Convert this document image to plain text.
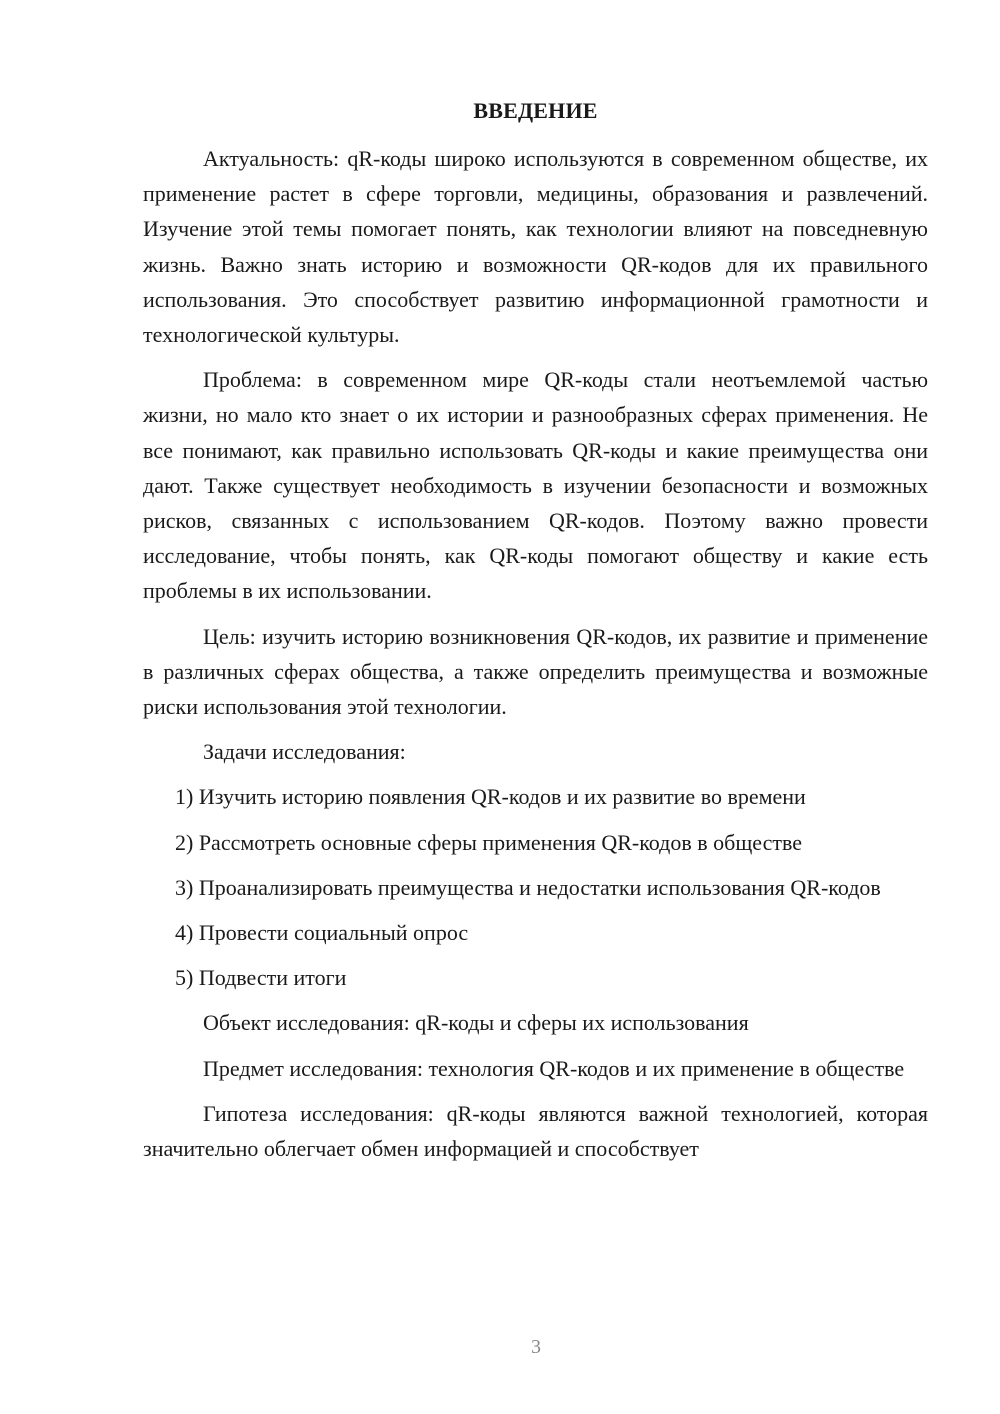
ВВЕДЕНИЕ

Актуальность: qR-коды широко используются в современном обществе, их применение растет в сфере торговли, медицины, образования и развлечений. Изучение этой темы помогает понять, как технологии влияют на повседневную жизнь. Важно знать историю и возможности QR-кодов для их правильного использования. Это способствует развитию информационной грамотности и технологической культуры.

Проблема: в современном мире QR-коды стали неотъемлемой частью жизни, но мало кто знает о их истории и разнообразных сферах применения. Не все понимают, как правильно использовать QR-коды и какие преимущества они дают. Также существует необходимость в изучении безопасности и возможных рисков, связанных с использованием QR-кодов. Поэтому важно провести исследование, чтобы понять, как QR-коды помогают обществу и какие есть проблемы в их использовании.

Цель: изучить историю возникновения QR-кодов, их развитие и применение в различных сферах общества, а также определить преимущества и возможные риски использования этой технологии.

Задачи исследования:

1) Изучить историю появления QR-кодов и их развитие во времени

2) Рассмотреть основные сферы применения QR-кодов в обществе

3) Проанализировать преимущества и недостатки использования QR-кодов

4) Провести социальный опрос

5) Подвести итоги

Объект исследования: qR-коды и сферы их использования

Предмет исследования: технология QR-кодов и их применение в обществе

Гипотеза исследования: qR-коды являются важной технологией, которая значительно облегчает обмен информацией и способствует

3
